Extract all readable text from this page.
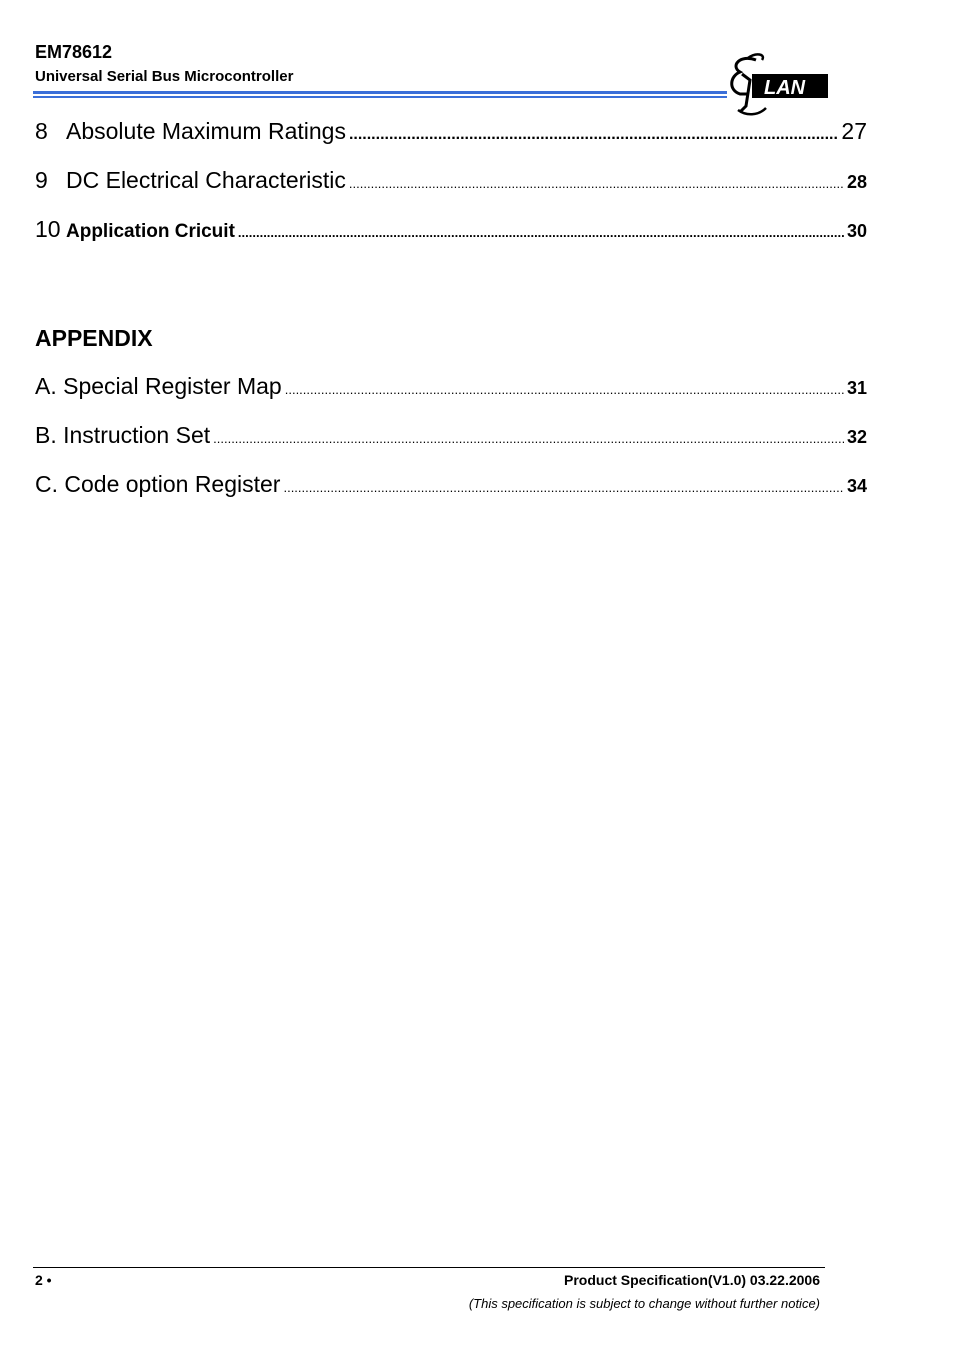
EM78612
Universal Serial Bus Microcontroller
LAN
8 Absolute Maximum Ratings .....	27
9 DC Electrical Characteristic .....	28
10 Application Cricuit .....	30
APPENDIX
A. Special Register Map .....	31
B. Instruction Set .....	32
C. Code option Register .....	34
2 •	Product Specification(V1.0) 03.22.2006
(This specification is subject to change without further notice)
